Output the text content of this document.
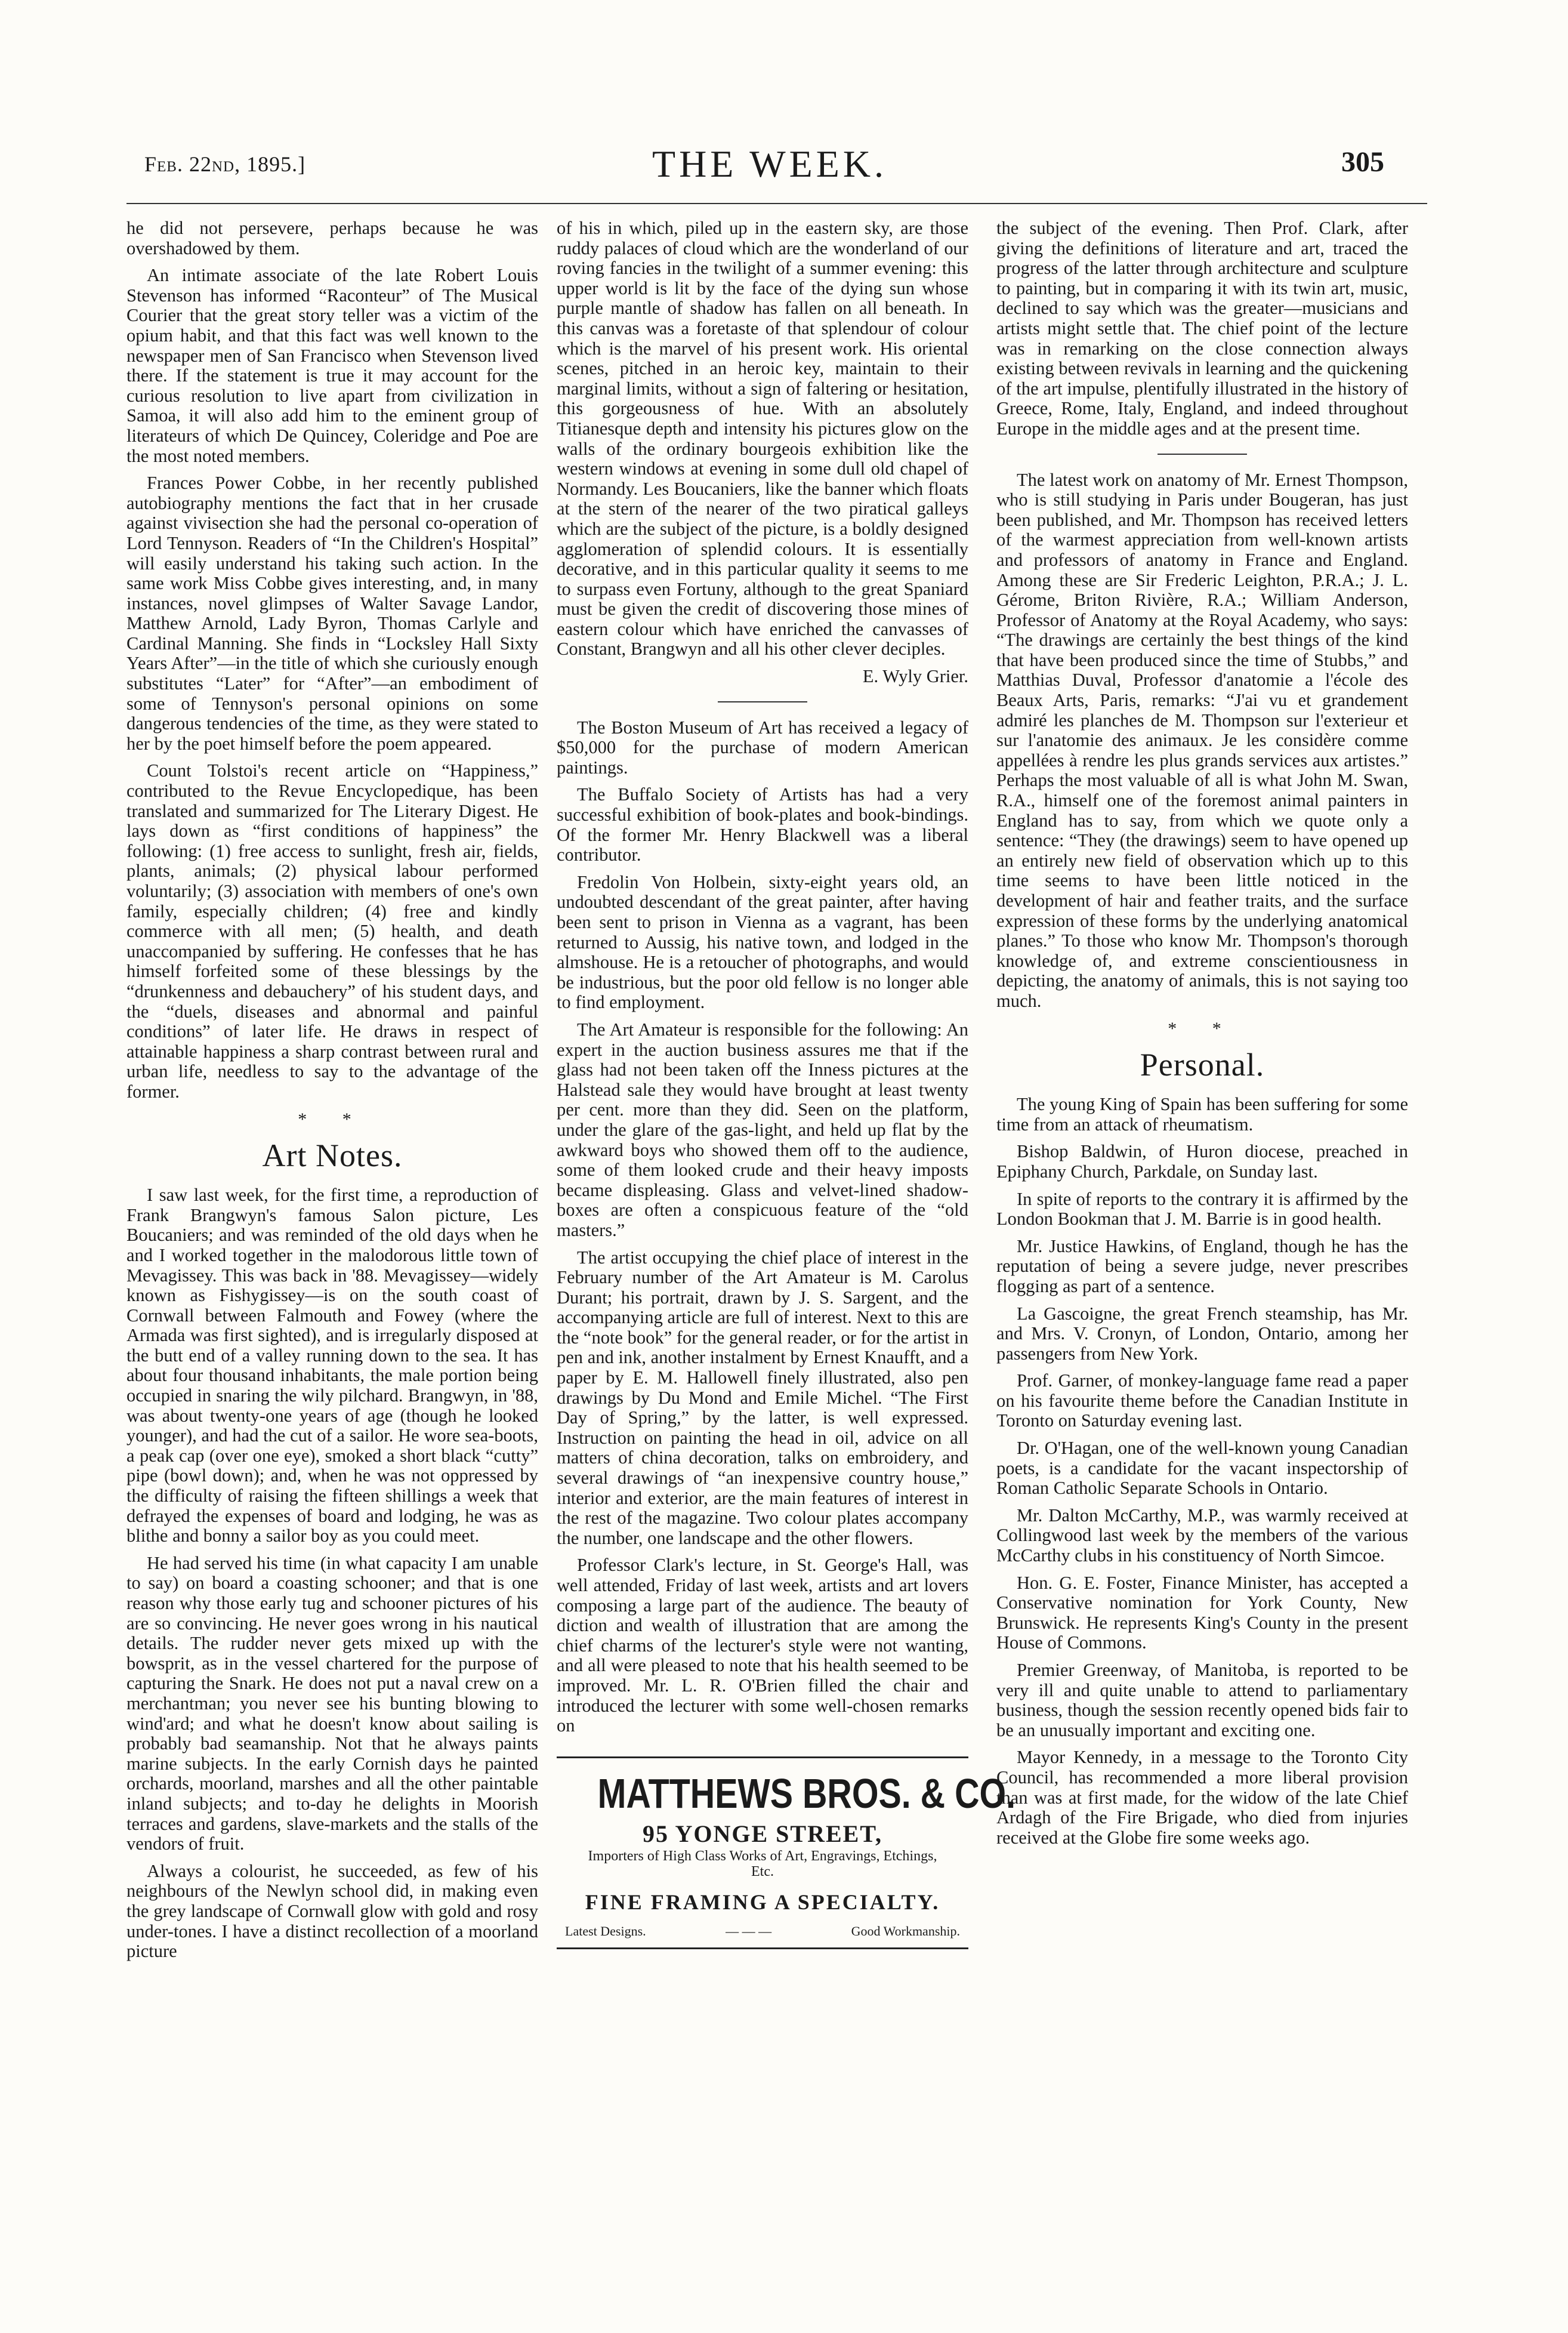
Feb. 22nd, 1895.]	THE WEEK.	305

he did not persevere, perhaps because he was overshadowed by them.

An intimate associate of the late Robert Louis Stevenson has informed “Raconteur” of The Musical Courier that the great story teller was a victim of the opium habit, and that this fact was well known to the newspaper men of San Francisco when Stevenson lived there. If the statement is true it may account for the curious resolution to live apart from civilization in Samoa, it will also add him to the eminent group of literateurs of which De Quincey, Coleridge and Poe are the most noted members.

Frances Power Cobbe, in her recently published autobiography mentions the fact that in her crusade against vivisection she had the personal co-operation of Lord Tennyson. Readers of “In the Children's Hospital” will easily understand his taking such action. In the same work Miss Cobbe gives interesting, and, in many instances, novel glimpses of Walter Savage Landor, Matthew Arnold, Lady Byron, Thomas Carlyle and Cardinal Manning. She finds in “Locksley Hall Sixty Years After”—in the title of which she curiously enough substitutes “Later” for “After”—an embodiment of some of Tennyson's personal opinions on some dangerous tendencies of the time, as they were stated to her by the poet himself before the poem appeared.

Count Tolstoi's recent article on “Happiness,” contributed to the Revue Encyclopedique, has been translated and summarized for The Literary Digest. He lays down as “first conditions of happiness” the following: (1) free access to sunlight, fresh air, fields, plants, animals; (2) physical labour performed voluntarily; (3) association with members of one's own family, especially children; (4) free and kindly commerce with all men; (5) health, and death unaccompanied by suffering. He confesses that he has himself forfeited some of these blessings by the “drunkenness and debauchery” of his student days, and the “duels, diseases and abnormal and painful conditions” of later life. He draws in respect of attainable happiness a sharp contrast between rural and urban life, needless to say to the advantage of the former.

* *
Art Notes.

I saw last week, for the first time, a reproduction of Frank Brangwyn's famous Salon picture, Les Boucaniers; and was reminded of the old days when he and I worked together in the malodorous little town of Mevagissey. This was back in '88. Mevagissey—widely known as Fishygissey—is on the south coast of Cornwall between Falmouth and Fowey (where the Armada was first sighted), and is irregularly disposed at the butt end of a valley running down to the sea. It has about four thousand inhabitants, the male portion being occupied in snaring the wily pilchard. Brangwyn, in '88, was about twenty-one years of age (though he looked younger), and had the cut of a sailor. He wore sea-boots, a peak cap (over one eye), smoked a short black “cutty” pipe (bowl down); and, when he was not oppressed by the difficulty of raising the fifteen shillings a week that defrayed the expenses of board and lodging, he was as blithe and bonny a sailor boy as you could meet.

He had served his time (in what capacity I am unable to say) on board a coasting schooner; and that is one reason why those early tug and schooner pictures of his are so convincing. He never goes wrong in his nautical details. The rudder never gets mixed up with the bowsprit, as in the vessel chartered for the purpose of capturing the Snark. He does not put a naval crew on a merchantman; you never see his bunting blowing to wind'ard; and what he doesn't know about sailing is probably bad seamanship. Not that he always paints marine subjects. In the early Cornish days he painted orchards, moorland, marshes and all the other paintable inland subjects; and to-day he delights in Moorish terraces and gardens, slave-markets and the stalls of the vendors of fruit.

Always a colourist, he succeeded, as few of his neighbours of the Newlyn school did, in making even the grey landscape of Cornwall glow with gold and rosy under-tones. I have a distinct recollection of a moorland picture

of his in which, piled up in the eastern sky, are those ruddy palaces of cloud which are the wonderland of our roving fancies in the twilight of a summer evening: this upper world is lit by the face of the dying sun whose purple mantle of shadow has fallen on all beneath. In this canvas was a foretaste of that splendour of colour which is the marvel of his present work. His oriental scenes, pitched in an heroic key, maintain to their marginal limits, without a sign of faltering or hesitation, this gorgeousness of hue. With an absolutely Titianesque depth and intensity his pictures glow on the walls of the ordinary bourgeois exhibition like the western windows at evening in some dull old chapel of Normandy. Les Boucaniers, like the banner which floats at the stern of the nearer of the two piratical galleys which are the subject of the picture, is a boldly designed agglomeration of splendid colours. It is essentially decorative, and in this particular quality it seems to me to surpass even Fortuny, although to the great Spaniard must be given the credit of discovering those mines of eastern colour which have enriched the canvasses of Constant, Brangwyn and all his other clever deciples.

E. Wyly Grier.

The Boston Museum of Art has received a legacy of $50,000 for the purchase of modern American paintings.

The Buffalo Society of Artists has had a very successful exhibition of book-plates and book-bindings. Of the former Mr. Henry Blackwell was a liberal contributor.

Fredolin Von Holbein, sixty-eight years old, an undoubted descendant of the great painter, after having been sent to prison in Vienna as a vagrant, has been returned to Aussig, his native town, and lodged in the almshouse. He is a retoucher of photographs, and would be industrious, but the poor old fellow is no longer able to find employment.

The Art Amateur is responsible for the following: An expert in the auction business assures me that if the glass had not been taken off the Inness pictures at the Halstead sale they would have brought at least twenty per cent. more than they did. Seen on the platform, under the glare of the gas-light, and held up flat by the awkward boys who showed them off to the audience, some of them looked crude and their heavy imposts became displeasing. Glass and velvet-lined shadow-boxes are often a conspicuous feature of the “old masters.”

The artist occupying the chief place of interest in the February number of the Art Amateur is M. Carolus Durant; his portrait, drawn by J. S. Sargent, and the accompanying article are full of interest. Next to this are the “note book” for the general reader, or for the artist in pen and ink, another instalment by Ernest Knaufft, and a paper by E. M. Hallowell finely illustrated, also pen drawings by Du Mond and Emile Michel. “The First Day of Spring,” by the latter, is well expressed. Instruction on painting the head in oil, advice on all matters of china decoration, talks on embroidery, and several drawings of “an inexpensive country house,” interior and exterior, are the main features of interest in the rest of the magazine. Two colour plates accompany the number, one landscape and the other flowers.

Professor Clark's lecture, in St. George's Hall, was well attended, Friday of last week, artists and art lovers composing a large part of the audience. The beauty of diction and wealth of illustration that are among the chief charms of the lecturer's style were not wanting, and all were pleased to note that his health seemed to be improved. Mr. L. R. O'Brien filled the chair and introduced the lecturer with some well-chosen remarks on

MATTHEWS BROS. & CO.
95 YONGE STREET,
Importers of High Class Works of Art, Engravings, Etchings, Etc.
FINE FRAMING A SPECIALTY.
Latest Designs.	— — —	Good Workmanship.

the subject of the evening. Then Prof. Clark, after giving the definitions of literature and art, traced the progress of the latter through architecture and sculpture to painting, but in comparing it with its twin art, music, declined to say which was the greater—musicians and artists might settle that. The chief point of the lecture was in remarking on the close connection always existing between revivals in learning and the quickening of the art impulse, plentifully illustrated in the history of Greece, Rome, Italy, England, and indeed throughout Europe in the middle ages and at the present time.

The latest work on anatomy of Mr. Ernest Thompson, who is still studying in Paris under Bougeran, has just been published, and Mr. Thompson has received letters of the warmest appreciation from well-known artists and professors of anatomy in France and England. Among these are Sir Frederic Leighton, P.R.A.; J. L. Gérome, Briton Rivière, R.A.; William Anderson, Professor of Anatomy at the Royal Academy, who says: “The drawings are certainly the best things of the kind that have been produced since the time of Stubbs,” and Matthias Duval, Professor d'anatomie a l'école des Beaux Arts, Paris, remarks: “J'ai vu et grandement admiré les planches de M. Thompson sur l'exterieur et sur l'anatomie des animaux. Je les considère comme appellées à rendre les plus grands services aux artistes.” Perhaps the most valuable of all is what John M. Swan, R.A., himself one of the foremost animal painters in England has to say, from which we quote only a sentence: “They (the drawings) seem to have opened up an entirely new field of observation which up to this time seems to have been little noticed in the development of hair and feather traits, and the surface expression of these forms by the underlying anatomical planes.” To those who know Mr. Thompson's thorough knowledge of, and extreme conscientiousness in depicting, the anatomy of animals, this is not saying too much.

* *
Personal.

The young King of Spain has been suffering for some time from an attack of rheumatism.

Bishop Baldwin, of Huron diocese, preached in Epiphany Church, Parkdale, on Sunday last.

In spite of reports to the contrary it is affirmed by the London Bookman that J. M. Barrie is in good health.

Mr. Justice Hawkins, of England, though he has the reputation of being a severe judge, never prescribes flogging as part of a sentence.

La Gascoigne, the great French steamship, has Mr. and Mrs. V. Cronyn, of London, Ontario, among her passengers from New York.

Prof. Garner, of monkey-language fame read a paper on his favourite theme before the Canadian Institute in Toronto on Saturday evening last.

Dr. O'Hagan, one of the well-known young Canadian poets, is a candidate for the vacant inspectorship of Roman Catholic Separate Schools in Ontario.

Mr. Dalton McCarthy, M.P., was warmly received at Collingwood last week by the members of the various McCarthy clubs in his constituency of North Simcoe.

Hon. G. E. Foster, Finance Minister, has accepted a Conservative nomination for York County, New Brunswick. He represents King's County in the present House of Commons.

Premier Greenway, of Manitoba, is reported to be very ill and quite unable to attend to parliamentary business, though the session recently opened bids fair to be an unusually important and exciting one.

Mayor Kennedy, in a message to the Toronto City Council, has recommended a more liberal provision than was at first made, for the widow of the late Chief Ardagh of the Fire Brigade, who died from injuries received at the Globe fire some weeks ago.
